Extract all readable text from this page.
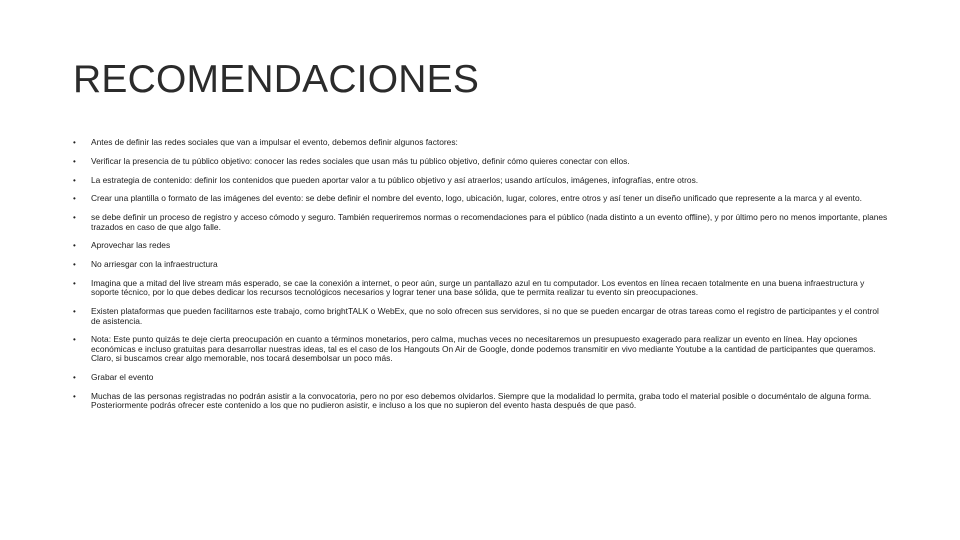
RECOMENDACIONES
• Antes de definir las redes sociales que van a impulsar el evento, debemos definir algunos factores:
• Verificar la presencia de tu público objetivo: conocer las redes sociales que usan más tu público objetivo, definir cómo quieres conectar con ellos.
• La estrategia de contenido: definir los contenidos que pueden aportar valor a tu público objetivo y así atraerlos; usando artículos, imágenes, infografías, entre otros.
• Crear una plantilla o formato de las imágenes del evento: se debe definir el nombre del evento, logo, ubicación, lugar, colores, entre otros y así tener un diseño unificado que represente a la marca y al evento.
• se debe definir un proceso de registro y acceso cómodo y seguro. También requeriremos normas o recomendaciones para el público (nada distinto a un evento offline), y por último pero no menos importante, planes trazados en caso de que algo falle.
• Aprovechar las redes
• No arriesgar con la infraestructura
• Imagina que a mitad del live stream más esperado, se cae la conexión a internet, o peor aún, surge un pantallazo azul en tu computador. Los eventos en línea recaen totalmente en una buena infraestructura y soporte técnico, por lo que debes dedicar los recursos tecnológicos necesarios y lograr tener una base sólida, que te permita realizar tu evento sin preocupaciones.
• Existen plataformas que pueden facilitarnos este trabajo, como brightTALK o WebEx, que no solo ofrecen sus servidores, si no que se pueden encargar de otras tareas como el registro de participantes y el control de asistencia.
• Nota: Este punto quizás te deje cierta preocupación en cuanto a términos monetarios, pero calma, muchas veces no necesitaremos un presupuesto exagerado para realizar un evento en línea. Hay opciones económicas e incluso gratuitas para desarrollar nuestras ideas, tal es el caso de los Hangouts On Air de Google, donde podemos transmitir en vivo mediante Youtube a la cantidad de participantes que queramos. Claro, si buscamos crear algo memorable, nos tocará desembolsar un poco más.
• Grabar el evento
• Muchas de las personas registradas no podrán asistir a la convocatoria, pero no por eso debemos olvidarlos. Siempre que la modalidad lo permita, graba todo el material posible o documéntalo de alguna forma. Posteriormente podrás ofrecer este contenido a los que no pudieron asistir, e incluso a los que no supieron del evento hasta después de que pasó.
